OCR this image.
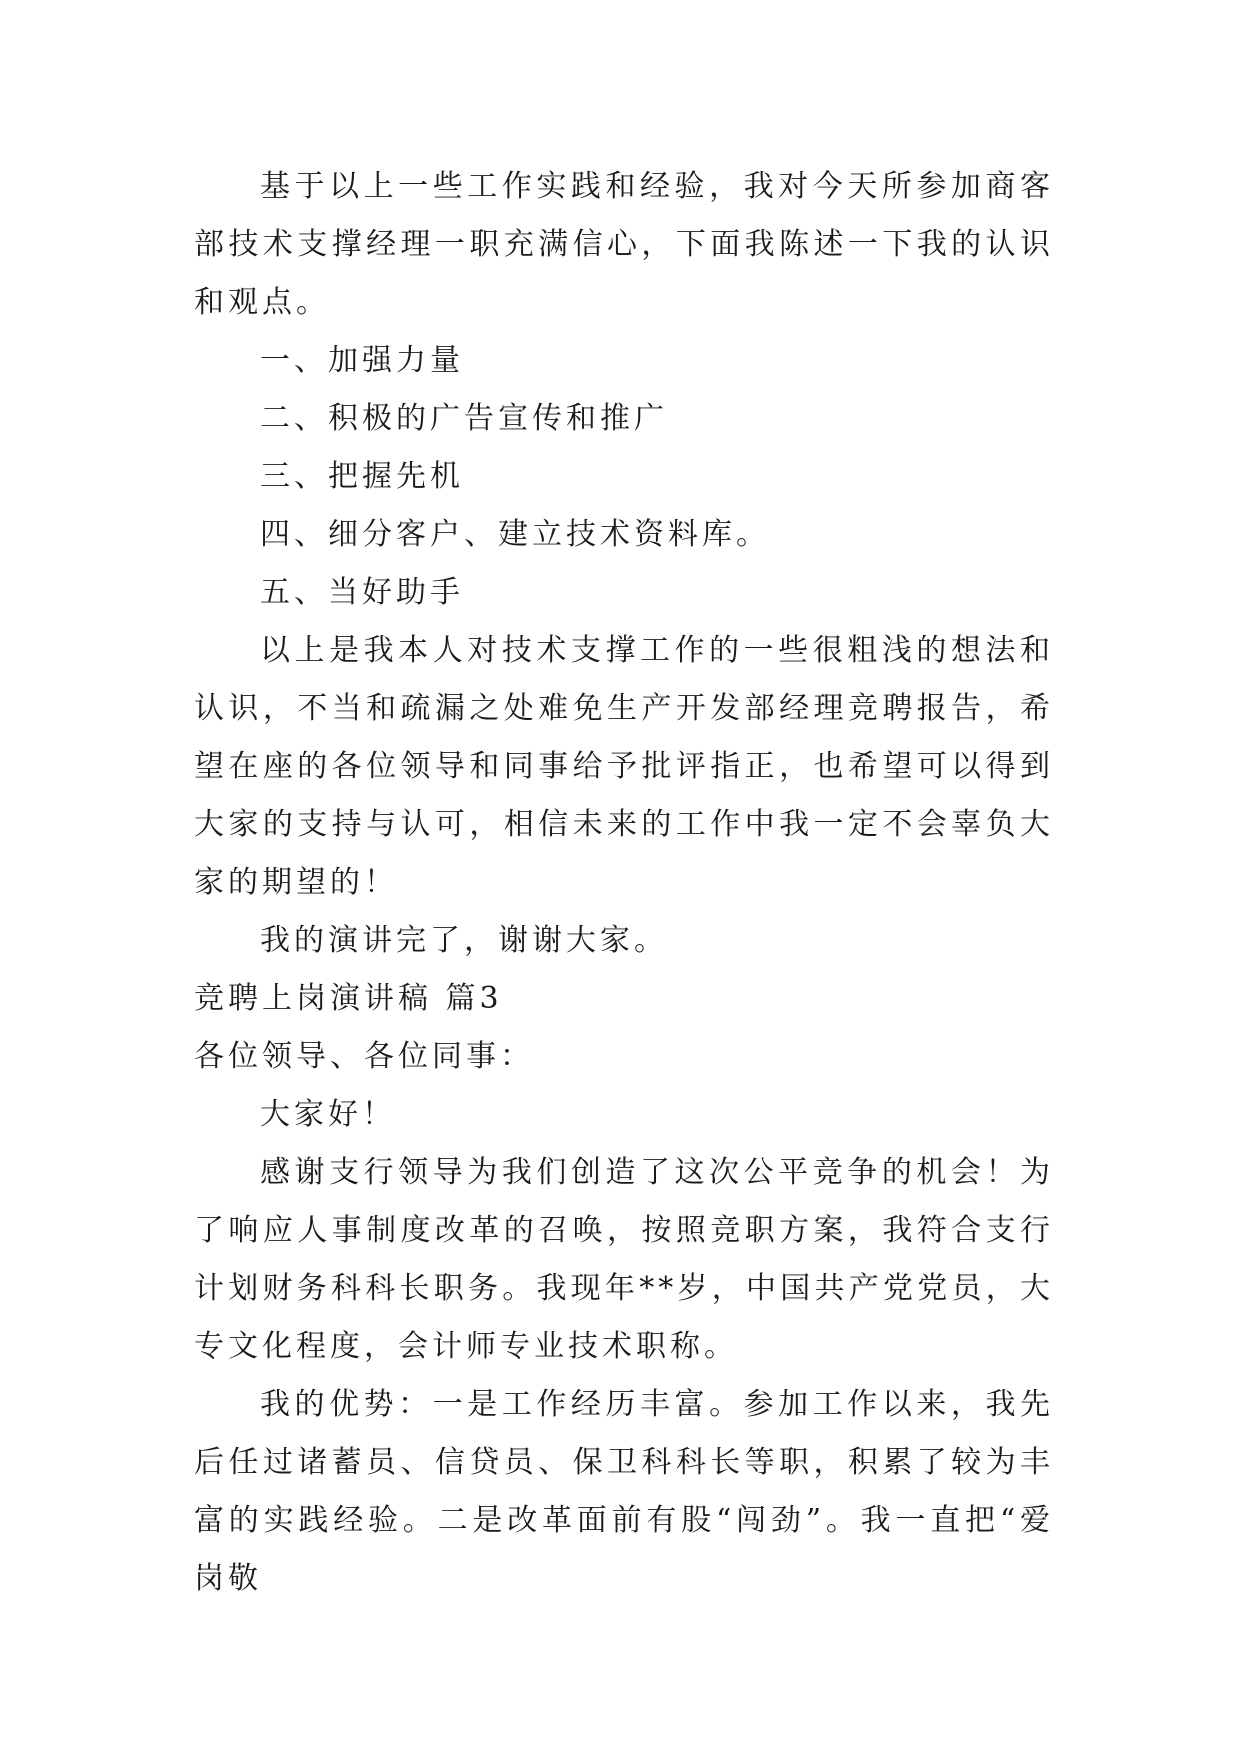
基于以上一些工作实践和经验，我对今天所参加商客部技术支撑经理一职充满信心，下面我陈述一下我的认识和观点。

一、加强力量

二、积极的广告宣传和推广

三、把握先机

四、细分客户、建立技术资料库。

五、当好助手

以上是我本人对技术支撑工作的一些很粗浅的想法和认识，不当和疏漏之处难免生产开发部经理竞聘报告，希望在座的各位领导和同事给予批评指正，也希望可以得到大家的支持与认可，相信未来的工作中我一定不会辜负大家的期望的！

我的演讲完了，谢谢大家。

竞聘上岗演讲稿 篇3

各位领导、各位同事：

大家好！

感谢支行领导为我们创造了这次公平竞争的机会！为了响应人事制度改革的召唤，按照竞职方案，我符合支行计划财务科科长职务。我现年**岁，中国共产党党员，大专文化程度，会计师专业技术职称。

我的优势：一是工作经历丰富。参加工作以来，我先后任过诸蓄员、信贷员、保卫科科长等职，积累了较为丰富的实践经验。二是改革面前有股“闯劲”。我一直把“爱岗敬
